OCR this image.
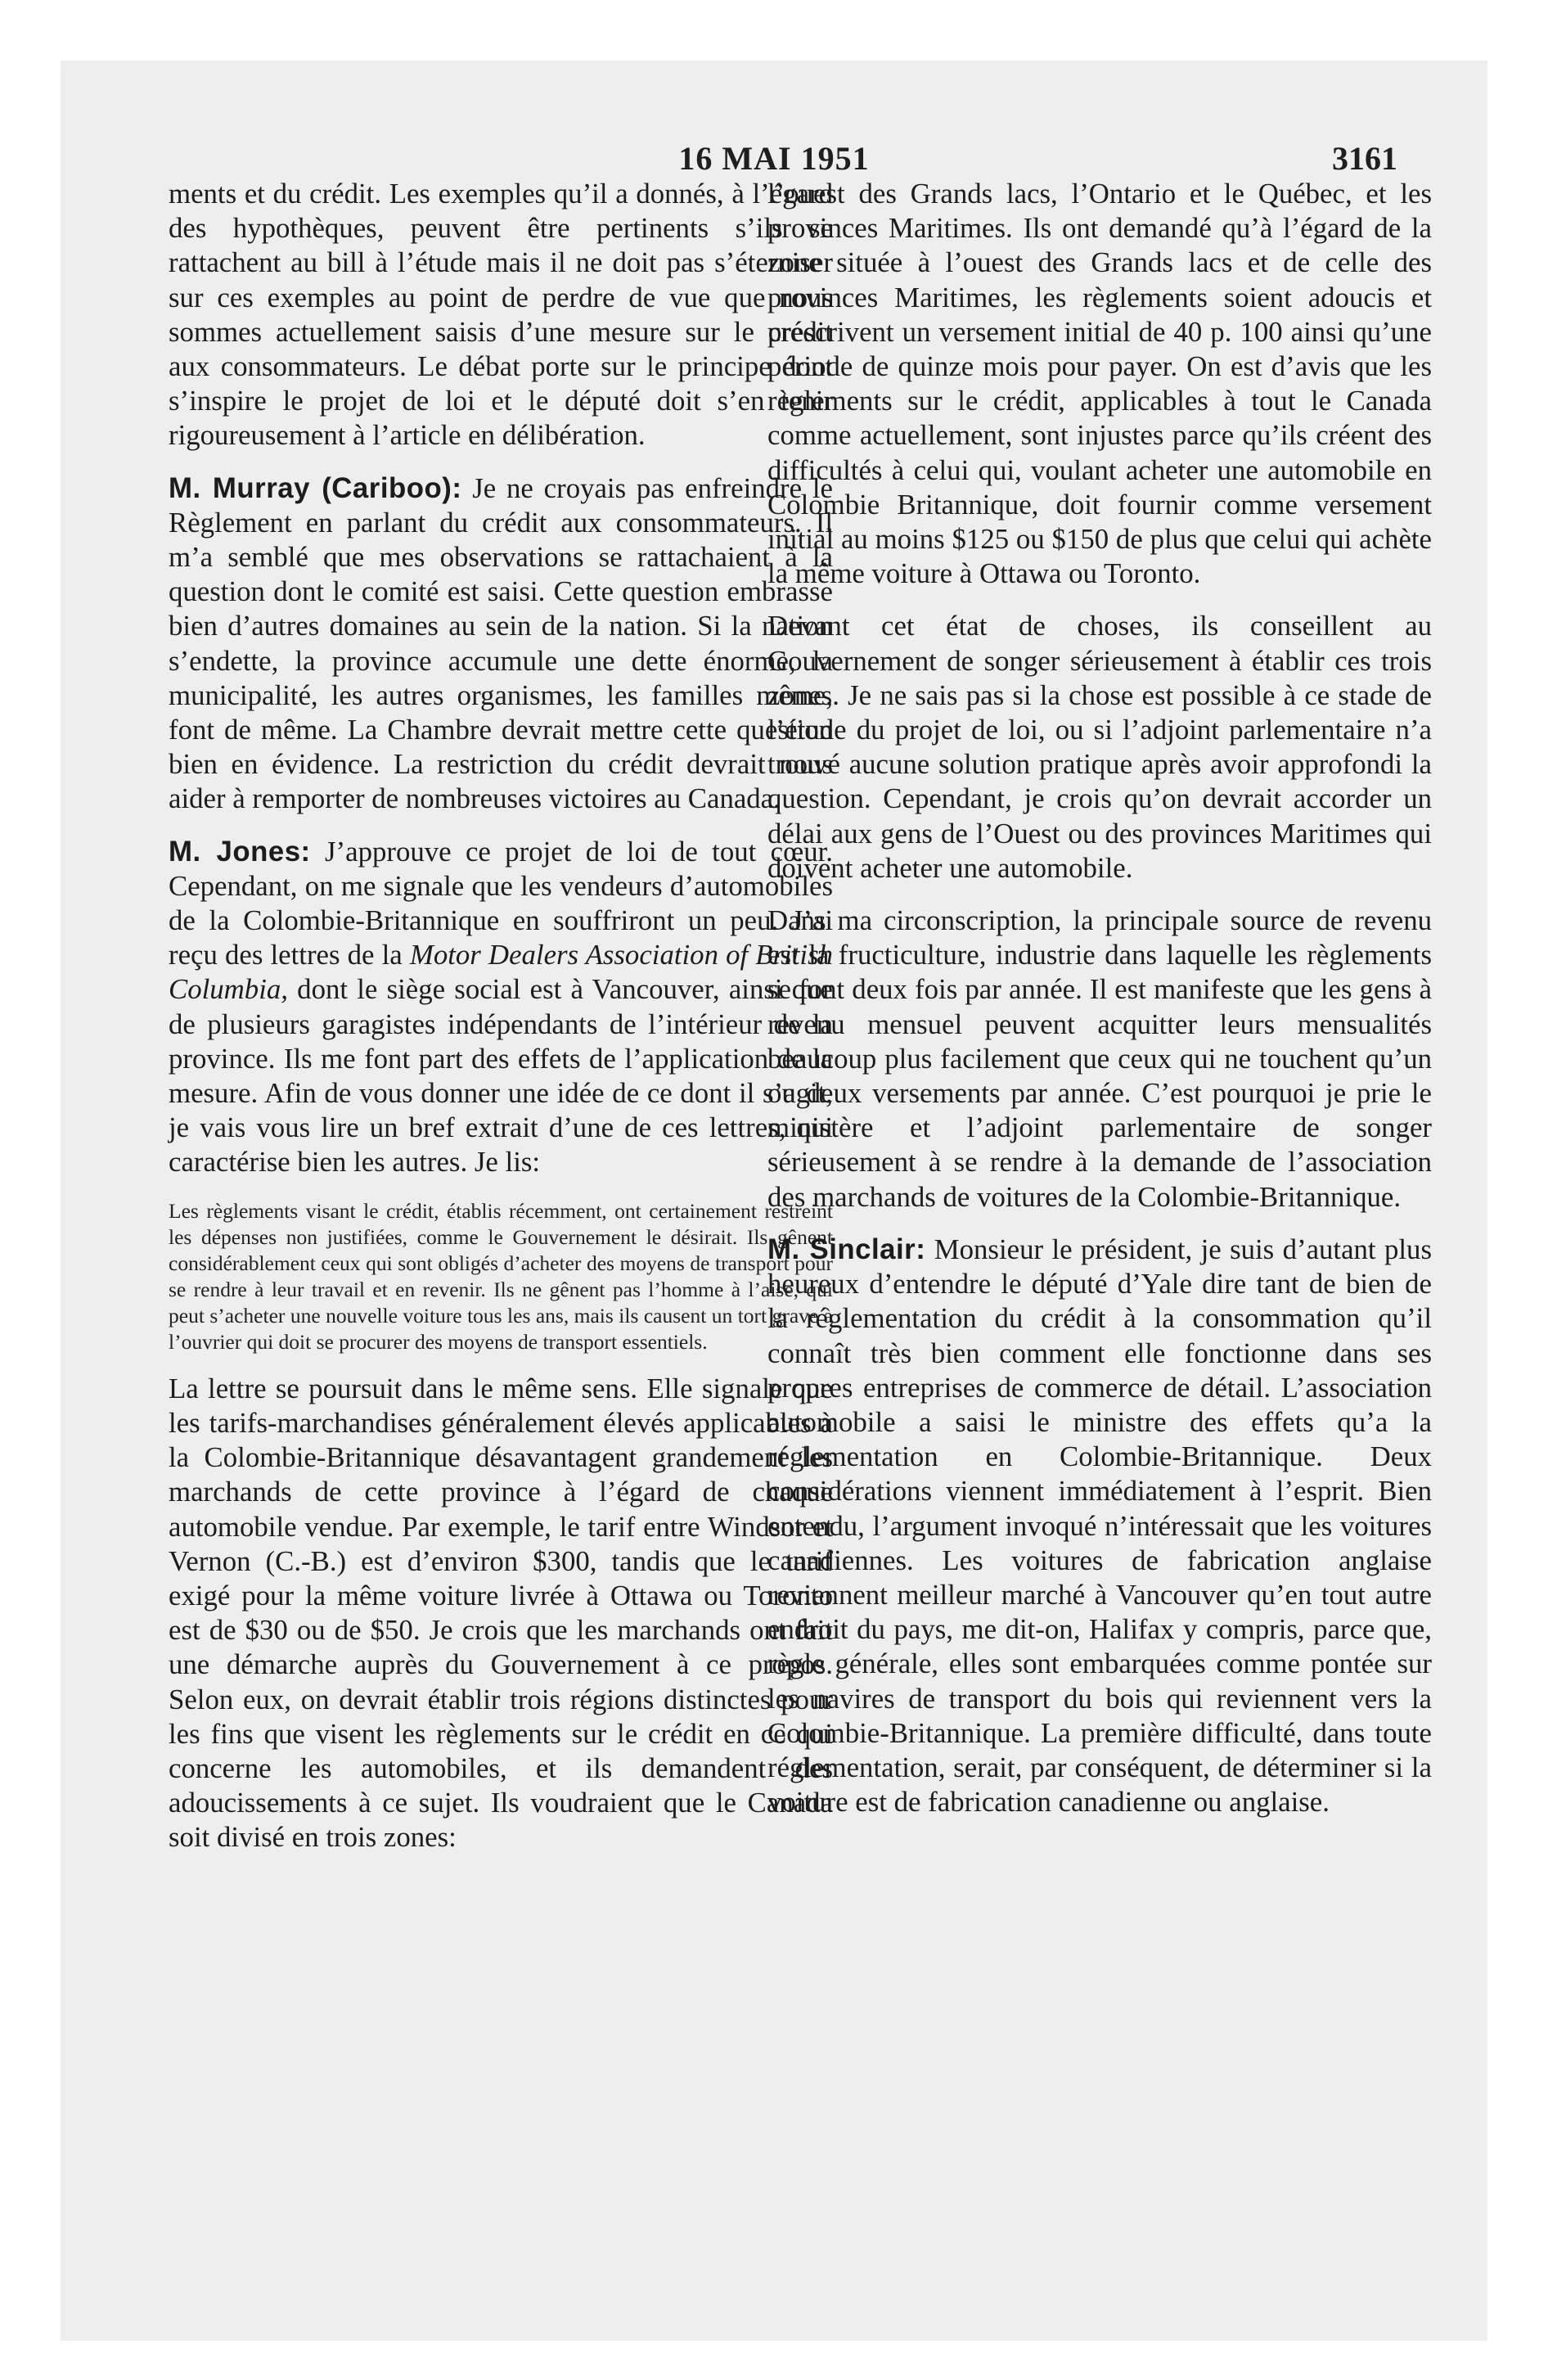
16 MAI 1951	3161

ments et du crédit. Les exemples qu’il a donnés, à l’égard des hypothèques, peuvent être pertinents s’ils se rattachent au bill à l’étude mais il ne doit pas s’éterniser sur ces exemples au point de perdre de vue que nous sommes actuellement saisis d’une mesure sur le crédit aux consommateurs. Le débat porte sur le principe dont s’inspire le projet de loi et le député doit s’en tenir rigoureusement à l’article en délibération.

M. Murray (Cariboo): Je ne croyais pas enfreindre le Règlement en parlant du crédit aux consommateurs. Il m’a semblé que mes observations se rattachaient à la question dont le comité est saisi. Cette question embrasse bien d’autres domaines au sein de la nation. Si la nation s’endette, la province accumule une dette énorme, la municipalité, les autres organismes, les familles même, font de même. La Chambre devrait mettre cette question bien en évidence. La restriction du crédit devrait nous aider à remporter de nombreuses victoires au Canada.

M. Jones: J’approuve ce projet de loi de tout cœur. Cependant, on me signale que les vendeurs d’automobiles de la Colombie-Britannique en souffriront un peu. J’ai reçu des lettres de la Motor Dealers Association of British Columbia, dont le siège social est à Vancouver, ainsi que de plusieurs garagistes indépendants de l’intérieur de la province. Ils me font part des effets de l’application de la mesure. Afin de vous donner une idée de ce dont il s’agit, je vais vous lire un bref extrait d’une de ces lettres, qui caractérise bien les autres. Je lis:

Les règlements visant le crédit, établis récemment, ont certainement restreint les dépenses non justifiées, comme le Gouvernement le désirait. Ils gênent considérablement ceux qui sont obligés d’acheter des moyens de transport pour se rendre à leur travail et en revenir. Ils ne gênent pas l’homme à l’aise, qui peut s’acheter une nouvelle voiture tous les ans, mais ils causent un tort grave à l’ouvrier qui doit se procurer des moyens de transport essentiels.

La lettre se poursuit dans le même sens. Elle signale que les tarifs-marchandises généralement élevés applicables à la Colombie-Britannique désavantagent grandement les marchands de cette province à l’égard de chaque automobile vendue. Par exemple, le tarif entre Windsor et Vernon (C.-B.) est d’environ $300, tandis que le tarif exigé pour la même voiture livrée à Ottawa ou Toronto est de $30 ou de $50. Je crois que les marchands ont fait une démarche auprès du Gouvernement à ce propos. Selon eux, on devrait établir trois régions distinctes pour les fins que visent les règlements sur le crédit en ce qui concerne les automobiles, et ils demandent des adoucissements à ce sujet. Ils voudraient que le Canada soit divisé en trois zones:

l’ouest des Grands lacs, l’Ontario et le Québec, et les provinces Maritimes. Ils ont demandé qu’à l’égard de la zone située à l’ouest des Grands lacs et de celle des provinces Maritimes, les règlements soient adoucis et prescrivent un versement initial de 40 p. 100 ainsi qu’une période de quinze mois pour payer. On est d’avis que les règlements sur le crédit, applicables à tout le Canada comme actuellement, sont injustes parce qu’ils créent des difficultés à celui qui, voulant acheter une automobile en Colombie Britannique, doit fournir comme versement initial au moins $125 ou $150 de plus que celui qui achète la même voiture à Ottawa ou Toronto.

Devant cet état de choses, ils conseillent au Gouvernement de songer sérieusement à établir ces trois zones. Je ne sais pas si la chose est possible à ce stade de l’étude du projet de loi, ou si l’adjoint parlementaire n’a trouvé aucune solution pratique après avoir approfondi la question. Cependant, je crois qu’on devrait accorder un délai aux gens de l’Ouest ou des provinces Maritimes qui doivent acheter une automobile.

Dans ma circonscription, la principale source de revenu est la fructiculture, industrie dans laquelle les règlements se font deux fois par année. Il est manifeste que les gens à revenu mensuel peuvent acquitter leurs mensualités beaucoup plus facilement que ceux qui ne touchent qu’un ou deux versements par année. C’est pourquoi je prie le ministère et l’adjoint parlementaire de songer sérieusement à se rendre à la demande de l’association des marchands de voitures de la Colombie-Britannique.

M. Sinclair: Monsieur le président, je suis d’autant plus heureux d’entendre le député d’Yale dire tant de bien de la réglementation du crédit à la consommation qu’il connaît très bien comment elle fonctionne dans ses propres entreprises de commerce de détail. L’association automobile a saisi le ministre des effets qu’a la réglementation en Colombie-Britannique. Deux considérations viennent immédiatement à l’esprit. Bien entendu, l’argument invoqué n’intéressait que les voitures canadiennes. Les voitures de fabrication anglaise reviennent meilleur marché à Vancouver qu’en tout autre endroit du pays, me dit-on, Halifax y compris, parce que, règle générale, elles sont embarquées comme pontée sur les navires de transport du bois qui reviennent vers la Colombie-Britannique. La première difficulté, dans toute réglementation, serait, par conséquent, de déterminer si la voiture est de fabrication canadienne ou anglaise.
